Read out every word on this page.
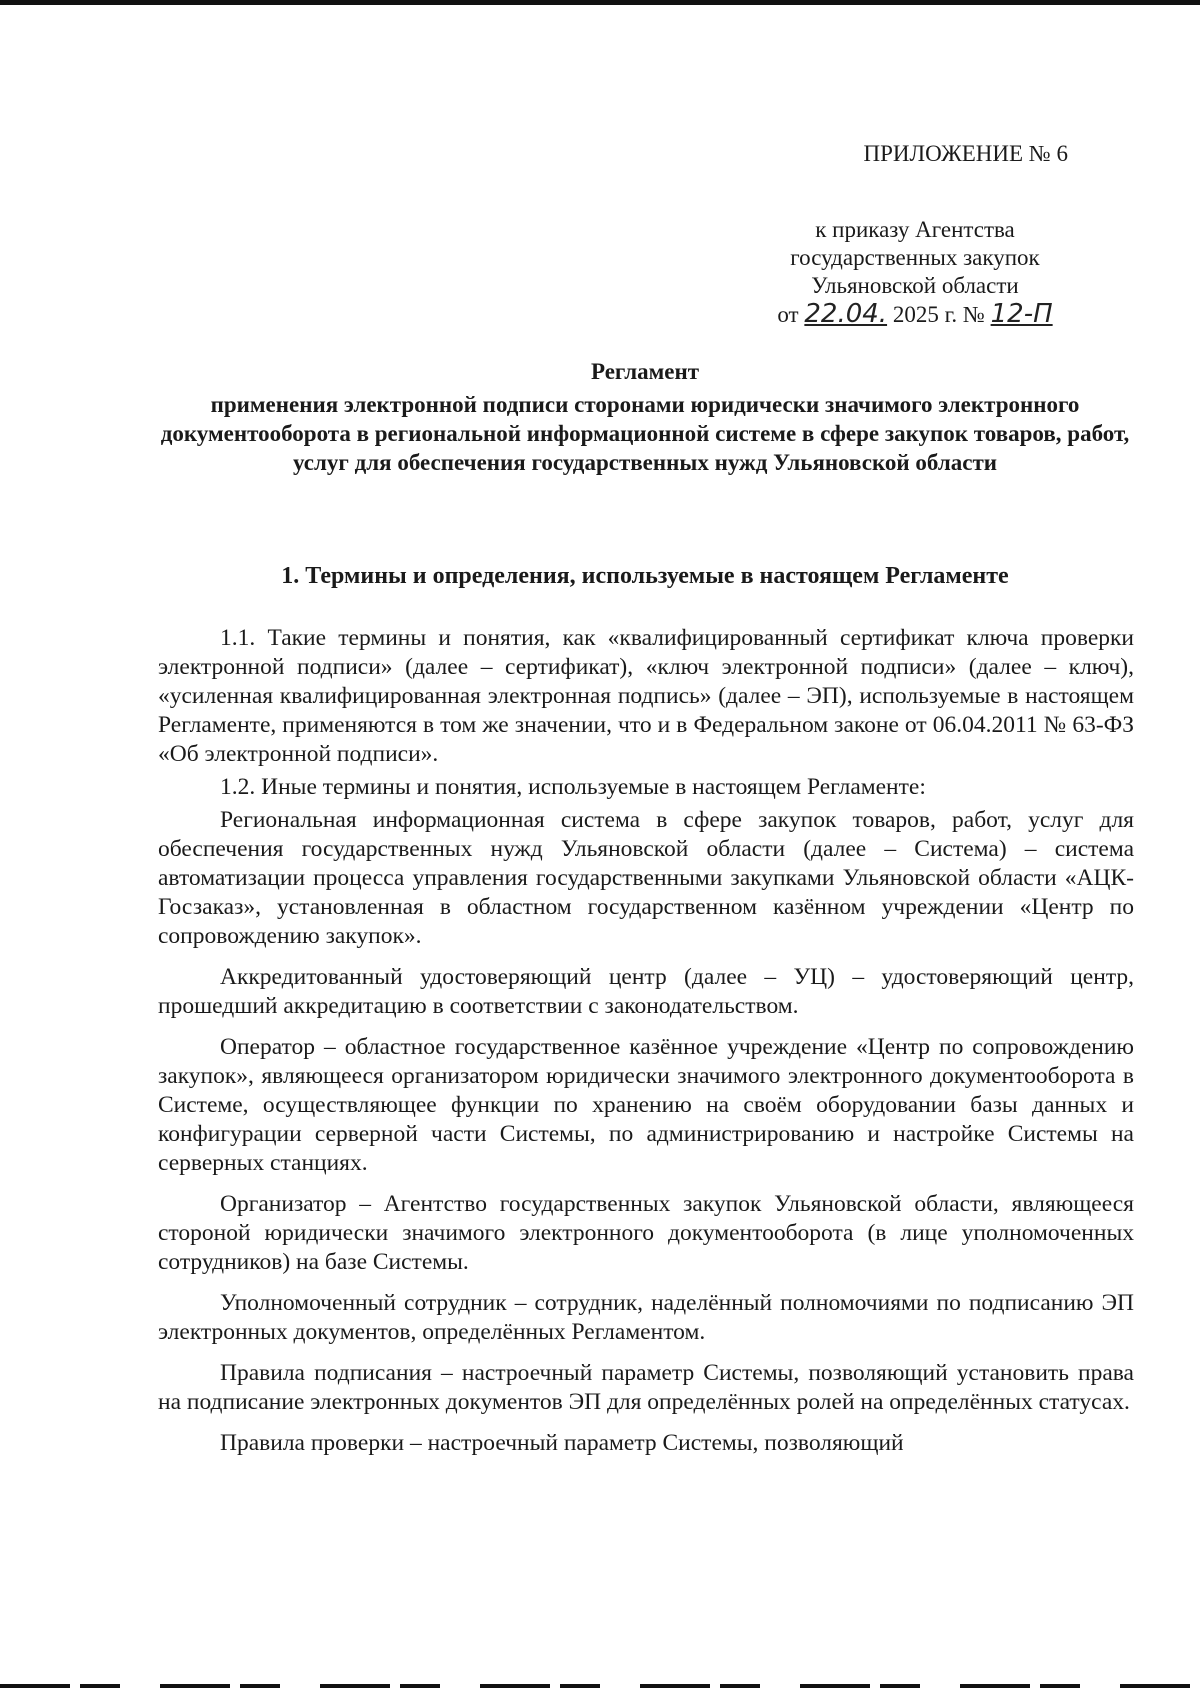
ПРИЛОЖЕНИЕ № 6
к приказу Агентства
государственных закупок
Ульяновской области
от 22.04. 2025 г. № 12-П
Регламент
применения электронной подписи сторонами юридически значимого электронного документооборота в региональной информационной системе в сфере закупок товаров, работ, услуг для обеспечения государственных нужд Ульяновской области
1. Термины и определения, используемые в настоящем Регламенте

1.1. Такие термины и понятия, как «квалифицированный сертификат ключа проверки электронной подписи» (далее – сертификат), «ключ электронной подписи» (далее – ключ), «усиленная квалифицированная электронная подпись» (далее – ЭП), используемые в настоящем Регламенте, применяются в том же значении, что и в Федеральном законе от 06.04.2011 № 63-ФЗ «Об электронной подписи».

1.2. Иные термины и понятия, используемые в настоящем Регламенте:

Региональная информационная система в сфере закупок товаров, работ, услуг для обеспечения государственных нужд Ульяновской области (далее – Система) – система автоматизации процесса управления государственными закупками Ульяновской области «АЦК-Госзаказ», установленная в областном государственном казённом учреждении «Центр по сопровождению закупок».

Аккредитованный удостоверяющий центр (далее – УЦ) – удостоверяющий центр, прошедший аккредитацию в соответствии с законодательством.

Оператор – областное государственное казённое учреждение «Центр по сопровождению закупок», являющееся организатором юридически значимого электронного документооборота в Системе, осуществляющее функции по хранению на своём оборудовании базы данных и конфигурации серверной части Системы, по администрированию и настройке Системы на серверных станциях.

Организатор – Агентство государственных закупок Ульяновской области, являющееся стороной юридически значимого электронного документооборота (в лице уполномоченных сотрудников) на базе Системы.

Уполномоченный сотрудник – сотрудник, наделённый полномочиями по подписанию ЭП электронных документов, определённых Регламентом.

Правила подписания – настроечный параметр Системы, позволяющий установить права на подписание электронных документов ЭП для определённых ролей на определённых статусах.

Правила проверки – настроечный параметр Системы, позволяющий
